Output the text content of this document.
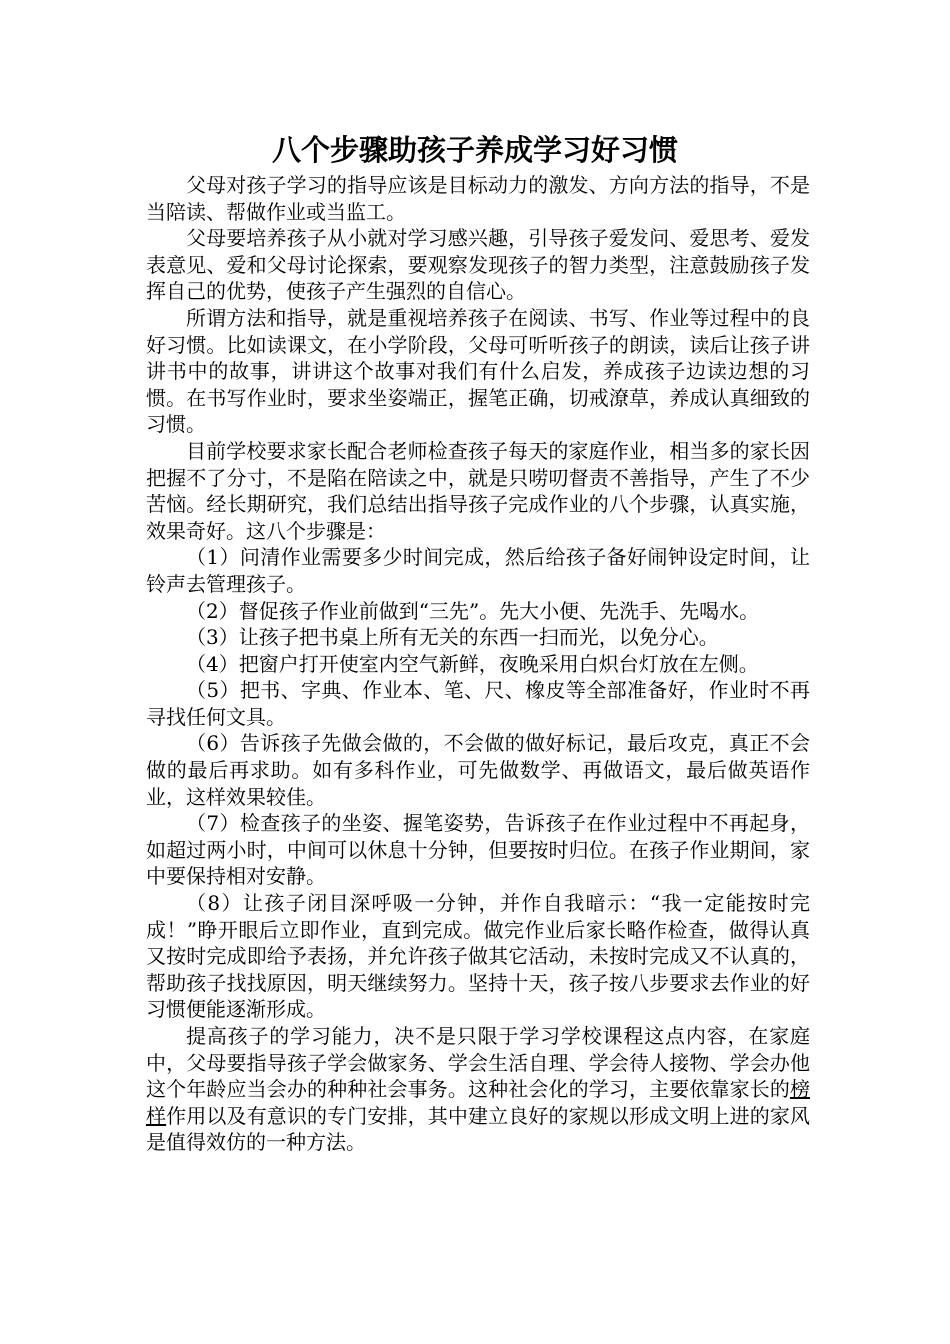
八个步骤助孩子养成学习好习惯

父母对孩子学习的指导应该是目标动力的激发、方向方法的指导，不是当陪读、帮做作业或当监工。

父母要培养孩子从小就对学习感兴趣，引导孩子爱发问、爱思考、爱发表意见、爱和父母讨论探索，要观察发现孩子的智力类型，注意鼓励孩子发挥自己的优势，使孩子产生强烈的自信心。

所谓方法和指导，就是重视培养孩子在阅读、书写、作业等过程中的良好习惯。比如读课文，在小学阶段，父母可听听孩子的朗读，读后让孩子讲讲书中的故事，讲讲这个故事对我们有什么启发，养成孩子边读边想的习惯。在书写作业时，要求坐姿端正，握笔正确，切戒潦草，养成认真细致的习惯。

目前学校要求家长配合老师检查孩子每天的家庭作业，相当多的家长因把握不了分寸，不是陷在陪读之中，就是只唠叨督责不善指导，产生了不少苦恼。经长期研究，我们总结出指导孩子完成作业的八个步骤，认真实施，效果奇好。这八个步骤是：

（1）问清作业需要多少时间完成，然后给孩子备好闹钟设定时间，让铃声去管理孩子。

（2）督促孩子作业前做到“三先”。先大小便、先洗手、先喝水。

（3）让孩子把书桌上所有无关的东西一扫而光，以免分心。

（4）把窗户打开使室内空气新鲜，夜晚采用白炽台灯放在左侧。

（5）把书、字典、作业本、笔、尺、橡皮等全部准备好，作业时不再寻找任何文具。

（6）告诉孩子先做会做的，不会做的做好标记，最后攻克，真正不会做的最后再求助。如有多科作业，可先做数学、再做语文，最后做英语作业，这样效果较佳。

（7）检查孩子的坐姿、握笔姿势，告诉孩子在作业过程中不再起身，如超过两小时，中间可以休息十分钟，但要按时归位。在孩子作业期间，家中要保持相对安静。

（8）让孩子闭目深呼吸一分钟，并作自我暗示：“我一定能按时完成！”睁开眼后立即作业，直到完成。做完作业后家长略作检查，做得认真又按时完成即给予表扬，并允许孩子做其它活动，未按时完成又不认真的，帮助孩子找找原因，明天继续努力。坚持十天，孩子按八步要求去作业的好习惯便能逐渐形成。

提高孩子的学习能力，决不是只限于学习学校课程这点内容，在家庭中，父母要指导孩子学会做家务、学会生活自理、学会待人接物、学会办他这个年龄应当会办的种种社会事务。这种社会化的学习，主要依靠家长的榜样作用以及有意识的专门安排，其中建立良好的家规以形成文明上进的家风是值得效仿的一种方法。
